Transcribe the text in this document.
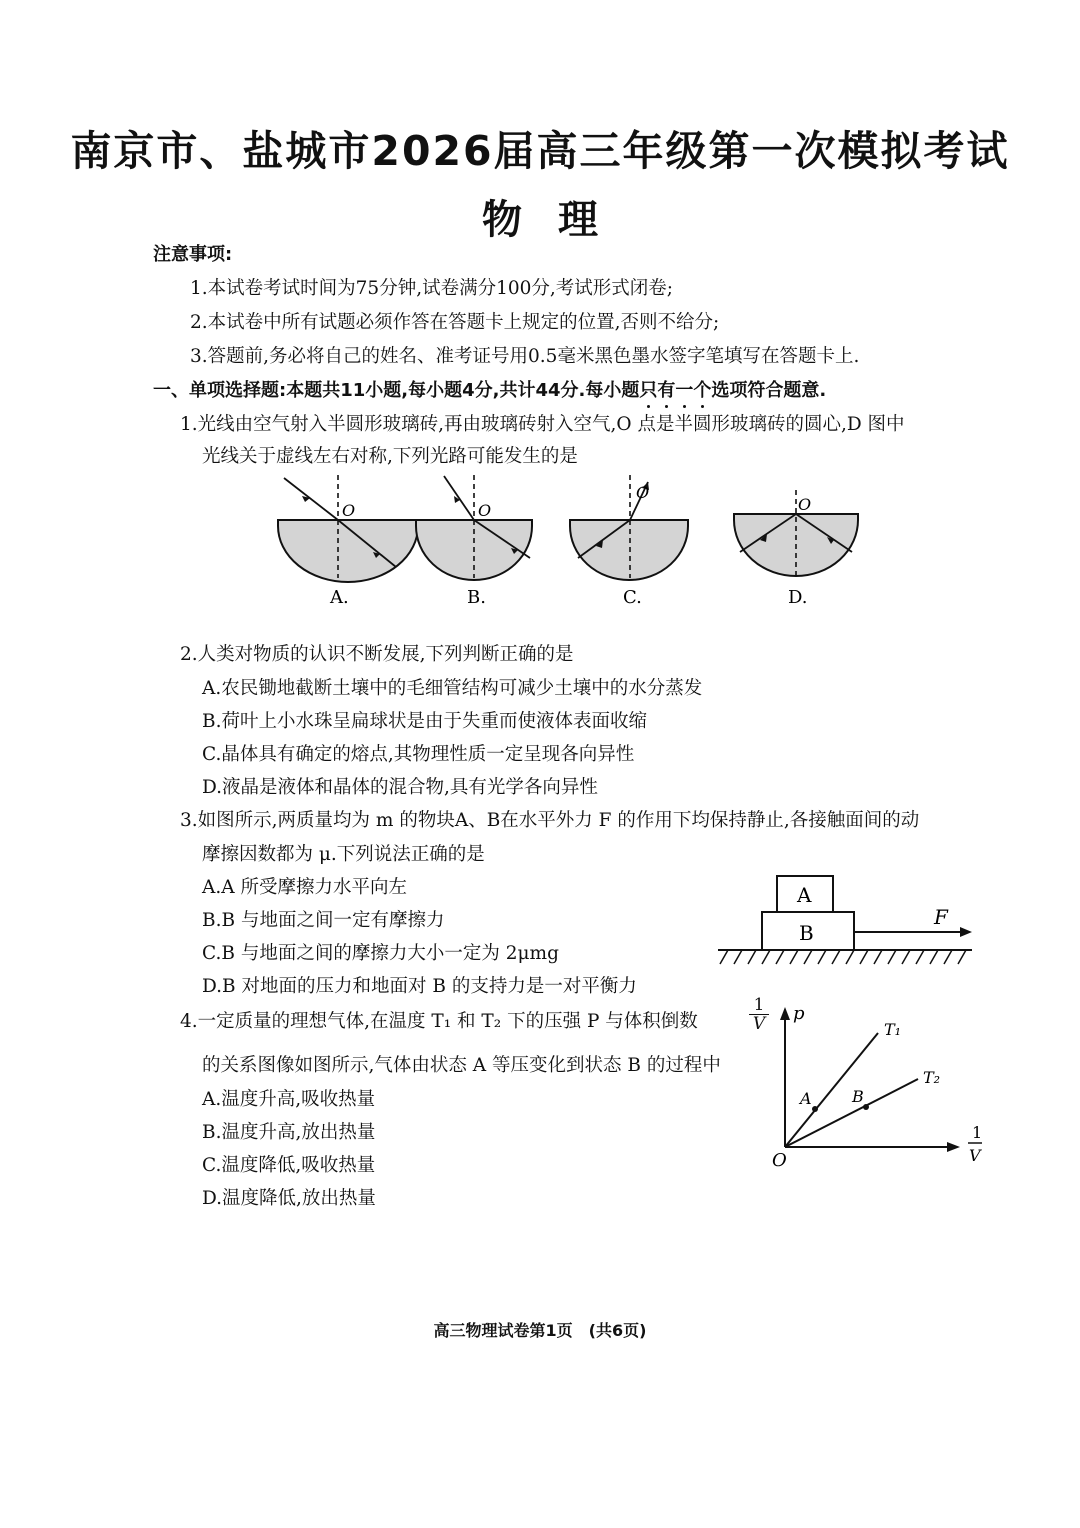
南京市、盐城市2026届高三年级第一次模拟考试
物理
注意事项:
1.本试卷考试时间为75分钟,试卷满分100分,考试形式闭卷;
2.本试卷中所有试题必须作答在答题卡上规定的位置,否则不给分;
3.答题前,务必将自己的姓名、准考证号用0.5毫米黑色墨水签字笔填写在答题卡上.
一、单项选择题:本题共11小题,每小题4分,共计44分.每小题只有一个选项符合题意.
1.光线由空气射入半圆形玻璃砖,再由玻璃砖射入空气,O 点是半圆形玻璃砖的圆心,D 图中
光线关于虚线左右对称,下列光路可能发生的是
O
A.
O
B.
O
C.
O
D.
2.人类对物质的认识不断发展,下列判断正确的是
A.农民锄地截断土壤中的毛细管结构可减少土壤中的水分蒸发
B.荷叶上小水珠呈扁球状是由于失重而使液体表面收缩
C.晶体具有确定的熔点,其物理性质一定呈现各向异性
D.液晶是液体和晶体的混合物,具有光学各向异性
3.如图所示,两质量均为 m 的物块A、B在水平外力 F 的作用下均保持静止,各接触面间的动
摩擦因数都为 μ.下列说法正确的是
A.A 所受摩擦力水平向左
B.B 与地面之间一定有摩擦力
C.B 与地面之间的摩擦力大小一定为 2μmg
D.B 对地面的压力和地面对 B 的支持力是一对平衡力
A
B
F
4.一定质量的理想气体,在温度 T₁ 和 T₂ 下的压强 P 与体积倒数	$\frac{1}{V}$
的关系图像如图所示,气体由状态 A 等压变化到状态 B 的过程中
A.温度升高,吸收热量
B.温度升高,放出热量
C.温度降低,吸收热量
D.温度降低,放出热量
p
O
1
V
T₁
T₂
A	B
高三物理试卷第1页　(共6页)
